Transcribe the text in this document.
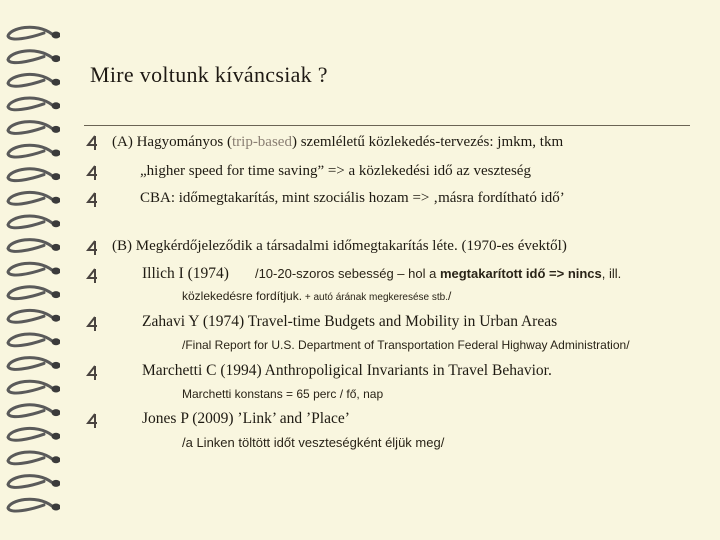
Mire voltunk kíváncsiak ?
(A) Hagyományos (trip-based) szemléletű közlekedés-tervezés: jmkm, tkm
„higher speed for time saving” => a közlekedési idő az veszteség
CBA: időmegtakarítás, mint szociális hozam => ‚másra fordítható idő’
(B) Megkérdőjeleződik a társadalmi időmegtakarítás léte. (1970-es évektől)
Illich I (1974) /10-20-szoros sebesség – hol a megtakarított idő => nincs, ill.
közlekedésre fordítjuk. + autó árának megkeresése stb./
Zahavi Y (1974) Travel-time Budgets and Mobility in Urban Areas
/Final Report for U.S. Department of Transportation Federal Highway Administration/
Marchetti C (1994) Anthropoligical Invariants in Travel Behavior.
Marchetti konstans = 65 perc / fő, nap
Jones P (2009) ’Link’ and ’Place’
/a Linken töltött időt veszteségként éljük meg/
